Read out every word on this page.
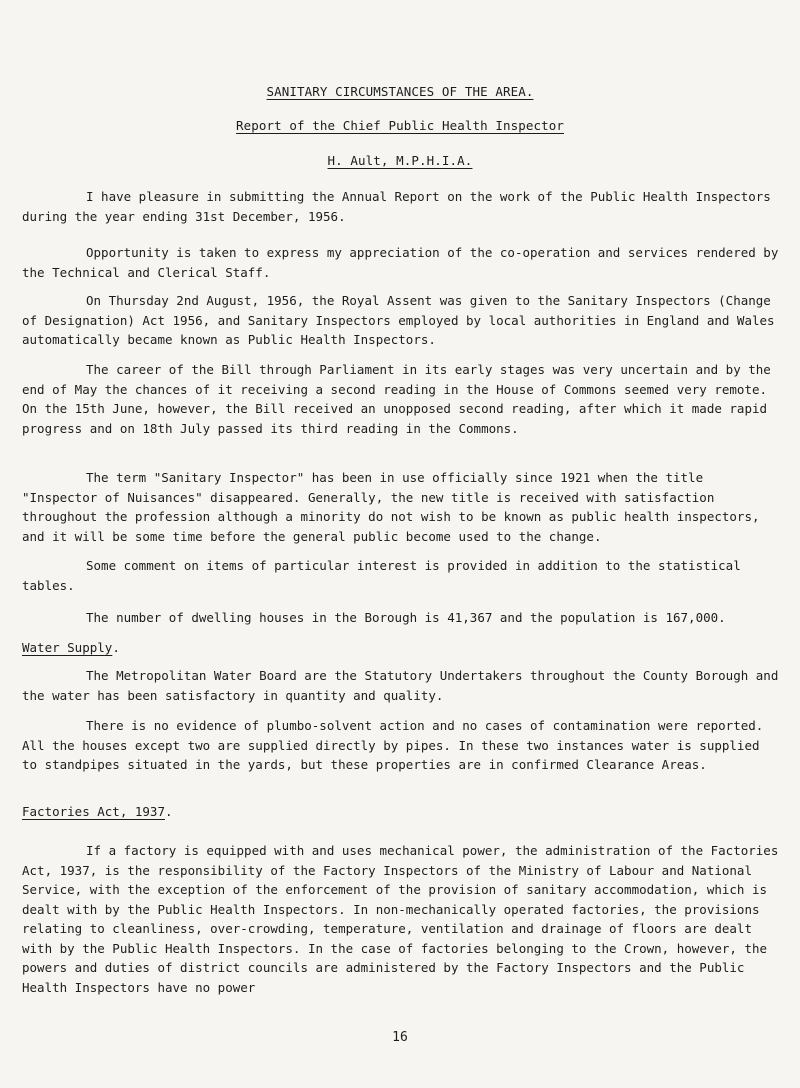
SANITARY CIRCUMSTANCES OF THE AREA.
Report of the Chief Public Health Inspector
H. Ault, M.P.H.I.A.

I have pleasure in submitting the Annual Report on the work of the Public Health Inspectors during the year ending 31st December, 1956.

Opportunity is taken to express my appreciation of the co-operation and services rendered by the Technical and Clerical Staff.

On Thursday 2nd August, 1956, the Royal Assent was given to the Sanitary Inspectors (Change of Designation) Act 1956, and Sanitary Inspectors employed by local authorities in England and Wales automatically became known as Public Health Inspectors.

The career of the Bill through Parliament in its early stages was very uncertain and by the end of May the chances of it receiving a second reading in the House of Commons seemed very remote. On the 15th June, however, the Bill received an unopposed second reading, after which it made rapid progress and on 18th July passed its third reading in the Commons.

The term "Sanitary Inspector" has been in use officially since 1921 when the title "Inspector of Nuisances" disappeared. Generally, the new title is received with satisfaction throughout the profession although a minority do not wish to be known as public health inspectors, and it will be some time before the general public become used to the change.

Some comment on items of particular interest is provided in addition to the statistical tables.

The number of dwelling houses in the Borough is 41,367 and the population is 167,000.

Water Supply.

The Metropolitan Water Board are the Statutory Undertakers throughout the County Borough and the water has been satisfactory in quantity and quality.

There is no evidence of plumbo-solvent action and no cases of contamination were reported. All the houses except two are supplied directly by pipes. In these two instances water is supplied to standpipes situated in the yards, but these properties are in confirmed Clearance Areas.

Factories Act, 1937.

If a factory is equipped with and uses mechanical power, the administration of the Factories Act, 1937, is the responsibility of the Factory Inspectors of the Ministry of Labour and National Service, with the exception of the enforcement of the provision of sanitary accommodation, which is dealt with by the Public Health Inspectors. In non-mechanically operated factories, the provisions relating to cleanliness, over-crowding, temperature, ventilation and drainage of floors are dealt with by the Public Health Inspectors. In the case of factories belonging to the Crown, however, the powers and duties of district councils are administered by the Factory Inspectors and the Public Health Inspectors have no power

16
